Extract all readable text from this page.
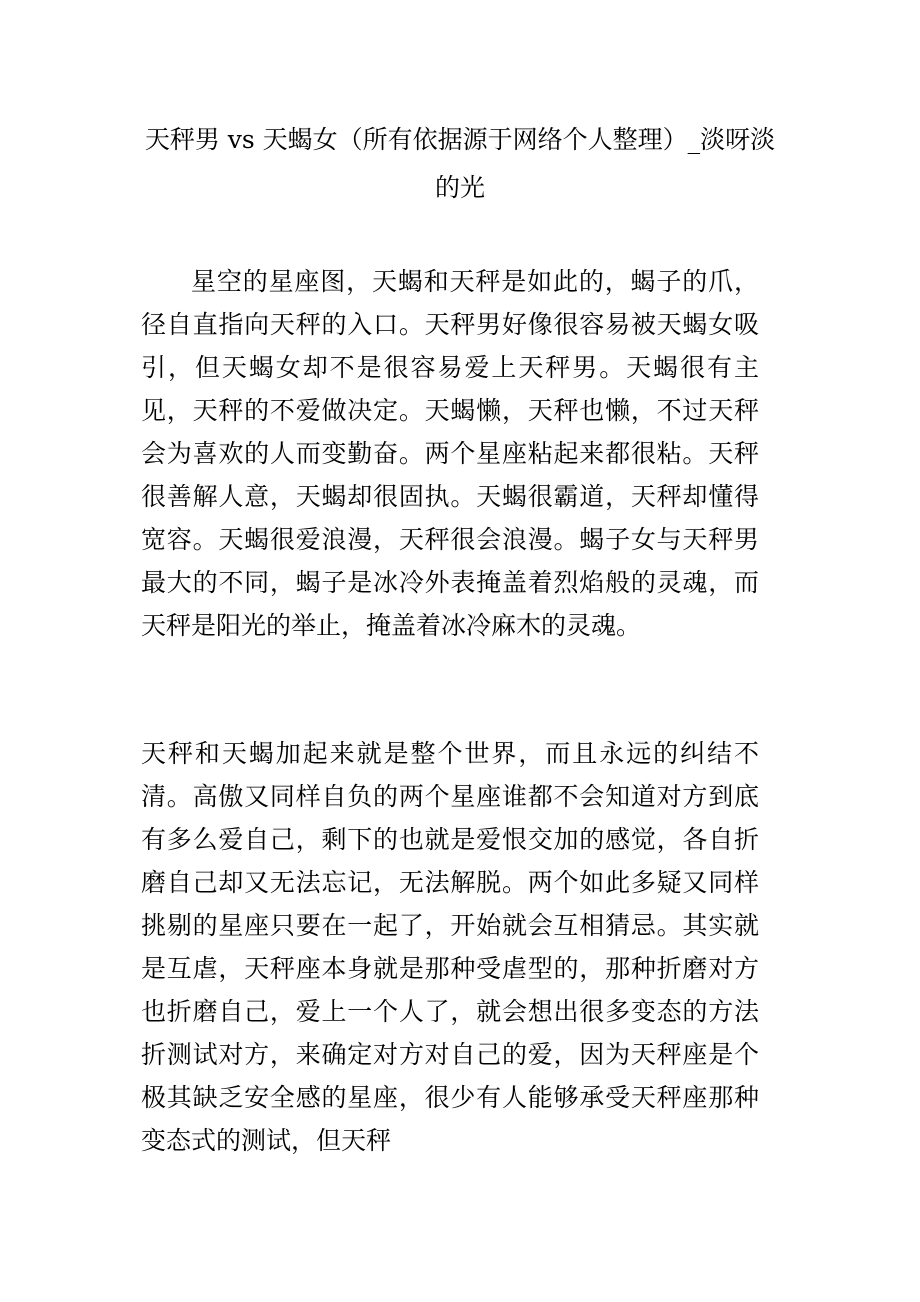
天秤男 vs 天蝎女（所有依据源于网络个人整理）_淡呀淡的光

星空的星座图，天蝎和天秤是如此的，蝎子的爪，径自直指向天秤的入口。天秤男好像很容易被天蝎女吸引，但天蝎女却不是很容易爱上天秤男。天蝎很有主见，天秤的不爱做决定。天蝎懒，天秤也懒，不过天秤会为喜欢的人而变勤奋。两个星座粘起来都很粘。天秤很善解人意，天蝎却很固执。天蝎很霸道，天秤却懂得宽容。天蝎很爱浪漫，天秤很会浪漫。蝎子女与天秤男最大的不同，蝎子是冰冷外表掩盖着烈焰般的灵魂，而天秤是阳光的举止，掩盖着冰冷麻木的灵魂。

天秤和天蝎加起来就是整个世界，而且永远的纠结不清。高傲又同样自负的两个星座谁都不会知道对方到底有多么爱自己，剩下的也就是爱恨交加的感觉，各自折磨自己却又无法忘记，无法解脱。两个如此多疑又同样挑剔的星座只要在一起了，开始就会互相猜忌。其实就是互虐，天秤座本身就是那种受虐型的，那种折磨对方也折磨自己，爱上一个人了，就会想出很多变态的方法折测试对方，来确定对方对自己的爱，因为天秤座是个极其缺乏安全感的星座，很少有人能够承受天秤座那种变态式的测试，但天秤
